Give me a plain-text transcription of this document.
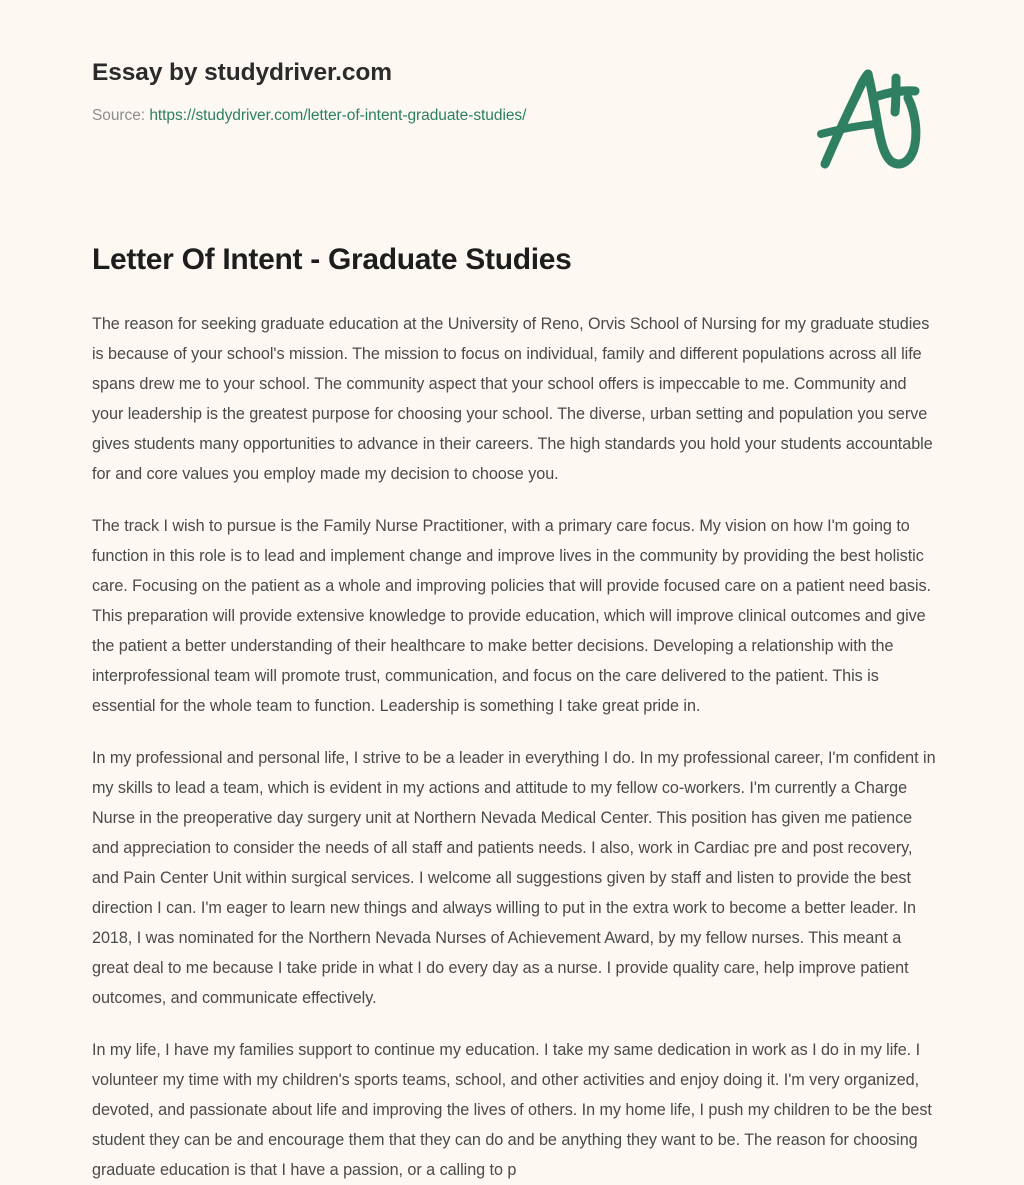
Essay by studydriver.com
Source: https://studydriver.com/letter-of-intent-graduate-studies/
Letter Of Intent - Graduate Studies

The reason for seeking graduate education at the University of Reno, Orvis School of Nursing for my graduate studies is because of your school's mission. The mission to focus on individual, family and different populations across all life spans drew me to your school. The community aspect that your school offers is impeccable to me. Community and your leadership is the greatest purpose for choosing your school. The diverse, urban setting and population you serve gives students many opportunities to advance in their careers. The high standards you hold your students accountable for and core values you employ made my decision to choose you.

The track I wish to pursue is the Family Nurse Practitioner, with a primary care focus. My vision on how I'm going to function in this role is to lead and implement change and improve lives in the community by providing the best holistic care. Focusing on the patient as a whole and improving policies that will provide focused care on a patient need basis. This preparation will provide extensive knowledge to provide education, which will improve clinical outcomes and give the patient a better understanding of their healthcare to make better decisions. Developing a relationship with the interprofessional team will promote trust, communication, and focus on the care delivered to the patient. This is essential for the whole team to function. Leadership is something I take great pride in.

In my professional and personal life, I strive to be a leader in everything I do. In my professional career, I'm confident in my skills to lead a team, which is evident in my actions and attitude to my fellow co-workers. I'm currently a Charge Nurse in the preoperative day surgery unit at Northern Nevada Medical Center. This position has given me patience and appreciation to consider the needs of all staff and patients needs. I also, work in Cardiac pre and post recovery, and Pain Center Unit within surgical services. I welcome all suggestions given by staff and listen to provide the best direction I can. I'm eager to learn new things and always willing to put in the extra work to become a better leader. In 2018, I was nominated for the Northern Nevada Nurses of Achievement Award, by my fellow nurses. This meant a great deal to me because I take pride in what I do every day as a nurse. I provide quality care, help improve patient outcomes, and communicate effectively.

In my life, I have my families support to continue my education. I take my same dedication in work as I do in my life. I volunteer my time with my children's sports teams, school, and other activities and enjoy doing it. I'm very organized, devoted, and passionate about life and improving the lives of others. In my home life, I push my children to be the best student they can be and encourage them that they can do and be anything they want to be. The reason for choosing graduate education is that I have a passion, or a calling to p
